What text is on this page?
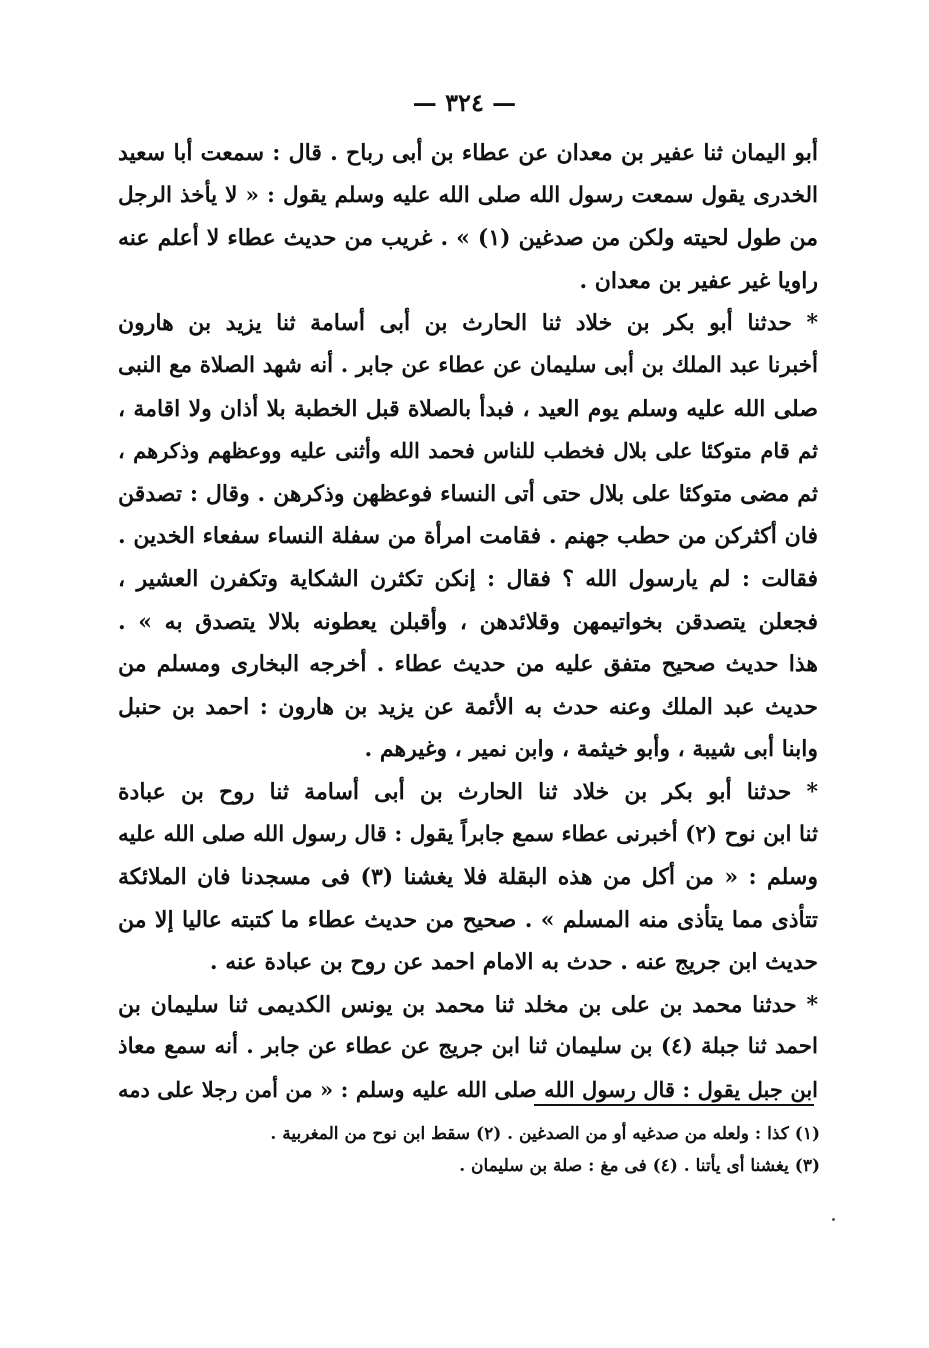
— ٣٢٤ —
أبو اليمان ثنا عفير بن معدان عن عطاء بن أبى رباح . قال : سمعت أبا سعيد
الخدرى يقول سمعت رسول الله صلى الله عليه وسلم يقول : « لا يأخذ الرجل
من طول لحيته ولكن من صدغين (١) » . غريب من حديث عطاء لا أعلم عنه
راويا غير عفير بن معدان .
* حدثنا أبو بكر بن خلاد ثنا الحارث بن أبى أسامة ثنا يزيد بن هارون
أخبرنا عبد الملك بن أبى سليمان عن عطاء عن جابر . أنه شهد الصلاة مع النبى
صلى الله عليه وسلم يوم العيد ، فبدأ بالصلاة قبل الخطبة بلا أذان ولا اقامة ،
ثم قام متوكئا على بلال فخطب للناس فحمد الله وأثنى عليه ووعظهم وذكرهم ،
ثم مضى متوكئا على بلال حتى أتى النساء فوعظهن وذكرهن . وقال : تصدقن
فان أكثركن من حطب جهنم . فقامت امرأة من سفلة النساء سفعاء الخدين .
فقالت : لم يارسول الله ؟ فقال : إنكن تكثرن الشكاية وتكفرن العشير ،
فجعلن يتصدقن بخواتيمهن وقلائدهن ، وأقبلن يعطونه بلالا يتصدق به » .
هذا حديث صحيح متفق عليه من حديث عطاء . أخرجه البخارى ومسلم من
حديث عبد الملك وعنه حدث به الأئمة عن يزيد بن هارون : احمد بن حنبل
وابنا أبى شيبة ، وأبو خيثمة ، وابن نمير ، وغيرهم .
* حدثنا أبو بكر بن خلاد ثنا الحارث بن أبى أسامة ثنا روح بن عبادة
ثنا ابن نوح (٢) أخبرنى عطاء سمع جابراً يقول : قال رسول الله صلى الله عليه
وسلم : « من أكل من هذه البقلة فلا يغشنا (٣) فى مسجدنا فان الملائكة
تتأذى مما يتأذى منه المسلم » . صحيح من حديث عطاء ما كتبته عاليا إلا من
حديث ابن جريج عنه . حدث به الامام احمد عن روح بن عبادة عنه .
* حدثنا محمد بن على بن مخلد ثنا محمد بن يونس الكديمى ثنا سليمان بن
احمد ثنا جبلة (٤) بن سليمان ثنا ابن جريج عن عطاء عن جابر . أنه سمع معاذ
ابن جبل يقول : قال رسول الله صلى الله عليه وسلم : « من أمن رجلا على دمه
(١) كذا : ولعله من صدغيه أو من الصدغين . (٢) سقط ابن نوح من المغربية .
(٣) يغشنا أى يأتنا . (٤) فى مغ : صلة بن سليمان .
